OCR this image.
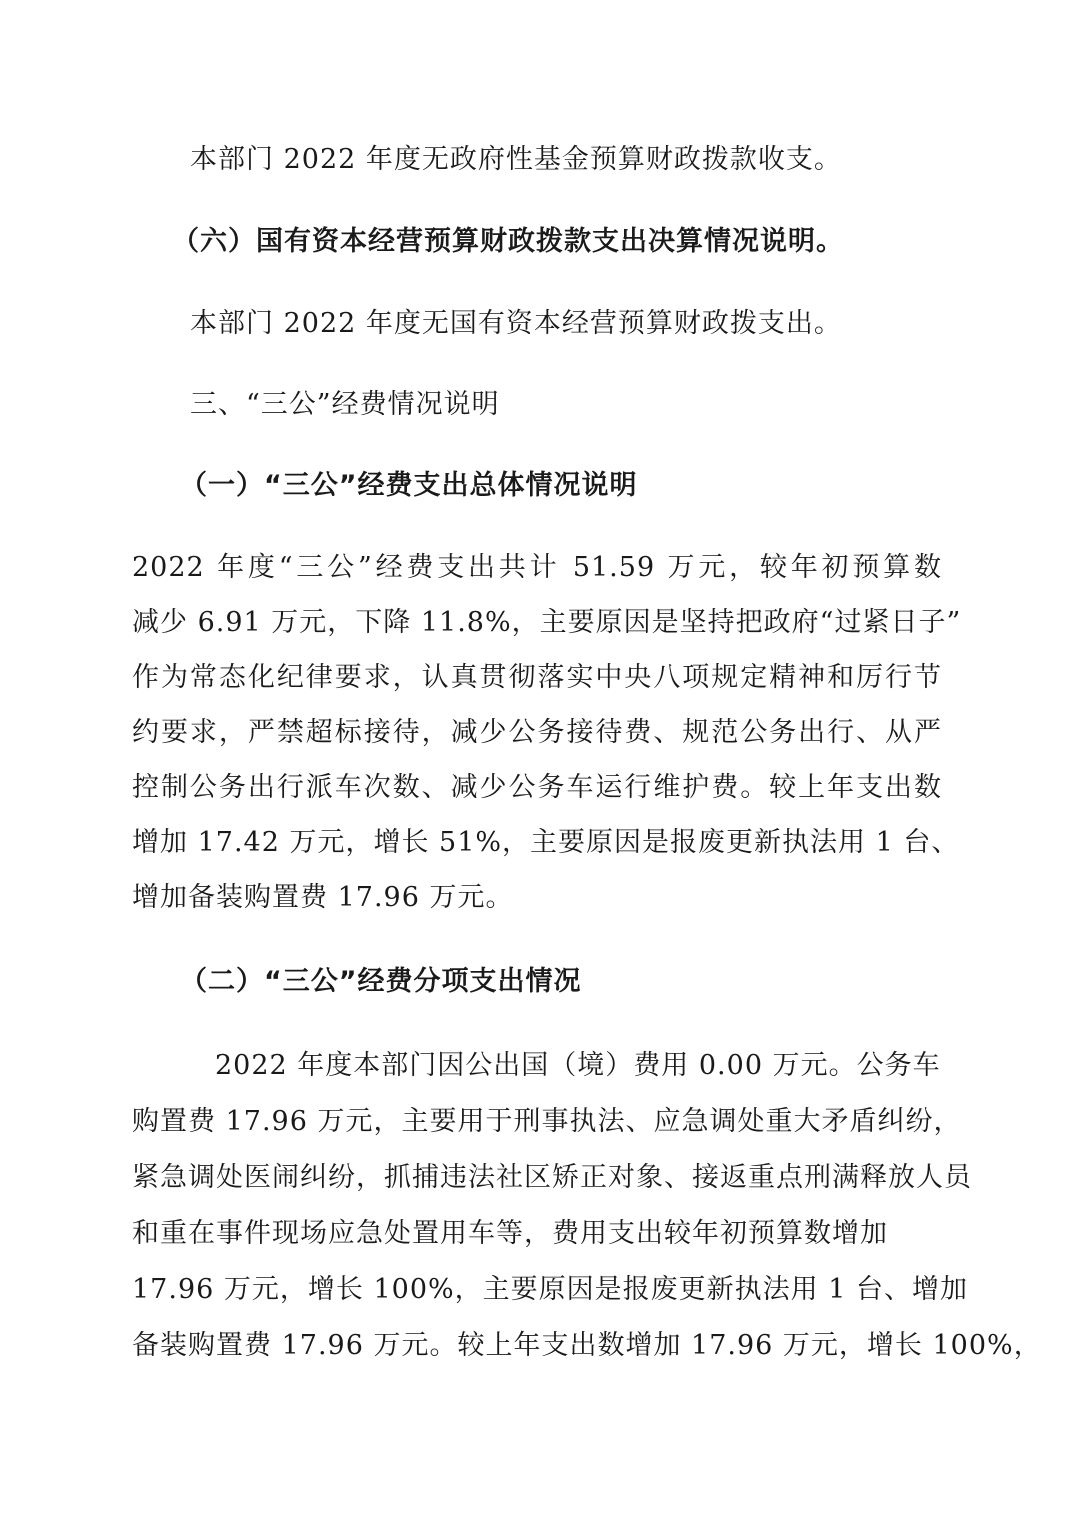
本部门 2022 年度无政府性基金预算财政拨款收支。
（六）国有资本经营预算财政拨款支出决算情况说明。
本部门 2022 年度无国有资本经营预算财政拨支出。
三、“三公”经费情况说明
（一）“三公”经费支出总体情况说明
2022 年度“三公”经费支出共计 51.59 万元，较年初预算数
减少 6.91 万元，下降 11.8%，主要原因是坚持把政府“过紧日子”
作为常态化纪律要求，认真贯彻落实中央八项规定精神和厉行节
约要求，严禁超标接待，减少公务接待费、规范公务出行、从严
控制公务出行派车次数、减少公务车运行维护费。较上年支出数
增加 17.42 万元，增长 51%，主要原因是报废更新执法用 1 台、
增加备装购置费 17.96 万元。
（二）“三公”经费分项支出情况
2022 年度本部门因公出国（境）费用 0.00 万元。公务车
购置费 17.96 万元，主要用于刑事执法、应急调处重大矛盾纠纷，
紧急调处医闹纠纷，抓捕违法社区矫正对象、接返重点刑满释放人员
和重在事件现场应急处置用车等，费用支出较年初预算数增加
17.96 万元，增长 100%，主要原因是报废更新执法用 1 台、增加
备装购置费 17.96 万元。较上年支出数增加 17.96 万元，增长 100%，
